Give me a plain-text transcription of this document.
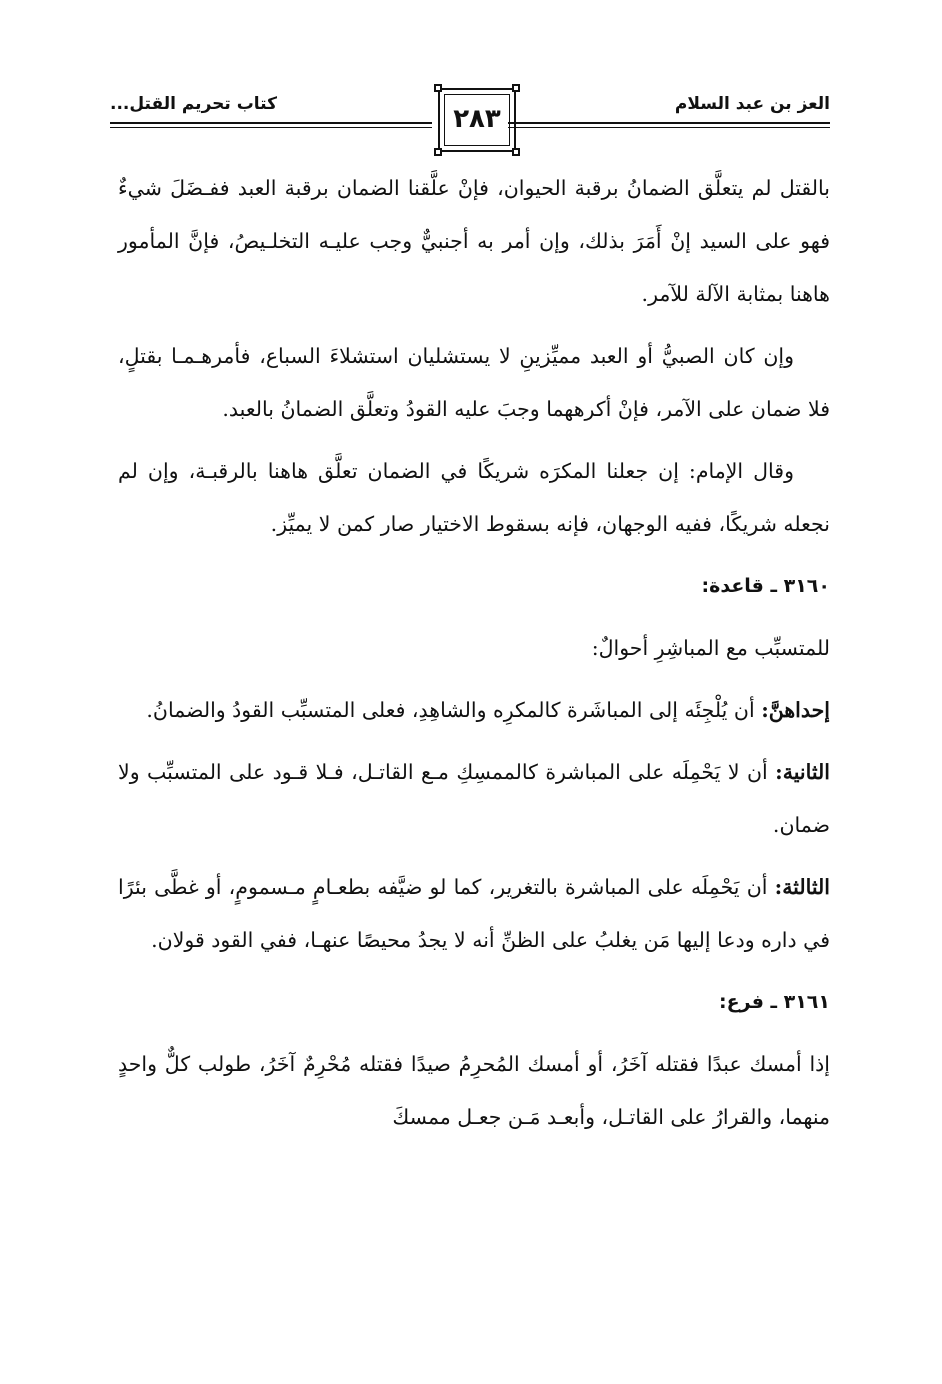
العز بن عبد السلام
كتاب تحريم القتل...	٢٨٣

بالقتل لم يتعلَّق الضمانُ برقبة الحيوان، فإنْ علَّقنا الضمان برقبة العبد ففـضَلَ شيءٌ فهو على السيد إنْ أَمَرَ بذلك، وإن أمر به أجنبيٌّ وجب عليـه التخلـيصُ، فإنَّ المأمور هاهنا بمثابة الآلة للآمر.

وإن كان الصبيُّ أو العبد مميِّزينِ لا يستشليان استشلاءَ السباع، فأمرهـمـا بقتلٍ، فلا ضمان على الآمر، فإنْ أكرههما وجبَ عليه القودُ وتعلَّق الضمانُ بالعبد.

وقال الإمام: إن جعلنا المكرَه شريكًا في الضمان تعلَّق هاهنا بالرقبـة، وإن لم نجعله شريكًا، ففيه الوجهان، فإنه بسقوط الاختيار صار كمن لا يميِّز.

٣١٦٠ ـ قاعدة:

للمتسبِّب مع المباشِرِ أحوالٌ:

إحداهنَّ: أن يُلْجِئَه إلى المباشَرة كالمكرِه والشاهِدِ، فعلى المتسبِّب القودُ والضمانُ.

الثانية: أن لا يَحْمِلَه على المباشرة كالممسِكِ مـع القاتـل، فـلا قـود على المتسبِّب ولا ضمان.

الثالثة: أن يَحْمِلَه على المباشرة بالتغرير، كما لو ضيَّفه بطعـامٍ مـسمومٍ، أو غطَّى بئرًا في داره ودعا إليها مَن يغلبُ على الظنِّ أنه لا يجدُ محيصًا عنهـا، ففي القود قولان.

٣١٦١ ـ فرع:

إذا أمسك عبدًا فقتله آخَرُ، أو أمسك المُحرِمُ صيدًا فقتله مُحْرِمٌ آخَرُ، طولب كلٌّ واحدٍ منهما، والقرارُ على القاتـل، وأبعـد مَـن جعـل ممسكَ
